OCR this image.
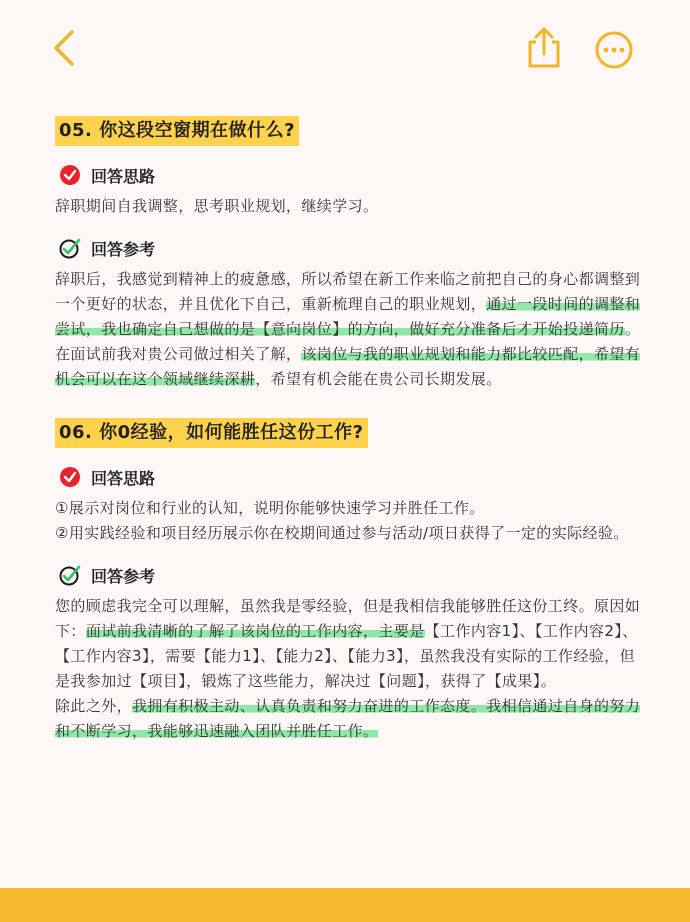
05. 你这段空窗期在做什么?
回答思路
辞职期间自我调整，思考职业规划，继续学习。
回答参考
辞职后，我感觉到精神上的疲惫感，所以希望在新工作来临之前把自己的身心都调整到一个更好的状态，并且优化下自己，重新梳理自己的职业规划，通过一段时间的调整和尝试，我也确定自己想做的是【意向岗位】的方向，做好充分准备后才开始投递简历。
在面试前我对贵公司做过相关了解，该岗位与我的职业规划和能力都比较匹配，希望有机会可以在这个领域继续深耕，希望有机会能在贵公司长期发展。
06. 你0经验，如何能胜任这份工作?
回答思路
①展示对岗位和行业的认知，说明你能够快速学习并胜任工作。
②用实践经验和项目经历展示你在校期间通过参与活动/项日获得了一定的实际经验。
回答参考
您的顾虑我完全可以理解，虽然我是零经验，但是我相信我能够胜任这份工终。原因如下：面试前我清晰的了解了该岗位的工作内容，主要是【工作内容1】、【工作内容2】、【工作内容3】，需要【能力1】、【能力2】、【能力3】，虽然我没有实际的工作经验，但是我参加过【项目】，锻炼了这些能力，解决过【问题】，获得了【成果】。
除此之外，我拥有积极主动、认真负责和努力奋进的工作态度。我相信通过自身的努力和不断学习，我能够迅速融入团队并胜任工作。
